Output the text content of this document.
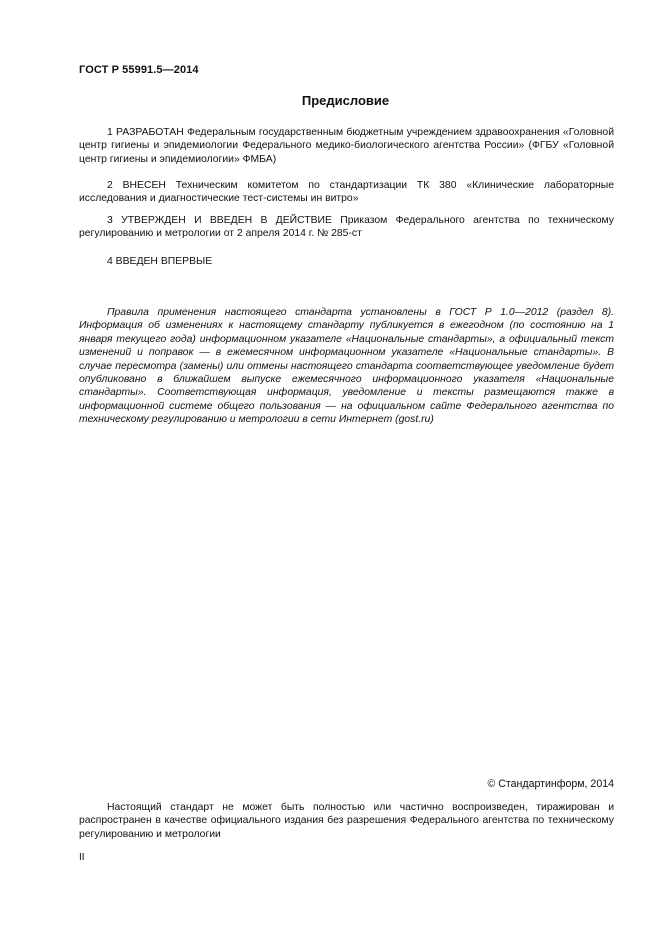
ГОСТ Р 55991.5—2014
Предисловие
1 РАЗРАБОТАН Федеральным государственным бюджетным учреждением здравоохранения «Головной центр гигиены и эпидемиологии Федерального медико-биологического агентства России» (ФГБУ «Головной центр гигиены и эпидемиологии» ФМБА)
2 ВНЕСЕН Техническим комитетом по стандартизации ТК 380 «Клинические лабораторные исследования и диагностические тест-системы ин витро»
3 УТВЕРЖДЕН И ВВЕДЕН В ДЕЙСТВИЕ Приказом Федерального агентства по техническому регулированию и метрологии от 2 апреля 2014 г. № 285-ст
4 ВВЕДЕН ВПЕРВЫЕ
Правила применения настоящего стандарта установлены в ГОСТ Р 1.0—2012 (раздел 8). Информация об изменениях к настоящему стандарту публикуется в ежегодном (по состоянию на 1 января текущего года) информационном указателе «Национальные стандарты», а официальный текст изменений и поправок — в ежемесячном информационном указателе «Национальные стандарты». В случае пересмотра (замены) или отмены настоящего стандарта соответствующее уведомление будет опубликовано в ближайшем выпуске ежемесячного информационного указателя «Национальные стандарты». Соответствующая информация, уведомление и тексты размещаются также в информационной системе общего пользования — на официальном сайте Федерального агентства по техническому регулированию и метрологии в сети Интернет (gost.ru)
© Стандартинформ, 2014
Настоящий стандарт не может быть полностью или частично воспроизведен, тиражирован и распространен в качестве официального издания без разрешения Федерального агентства по техническому регулированию и метрологии
II
